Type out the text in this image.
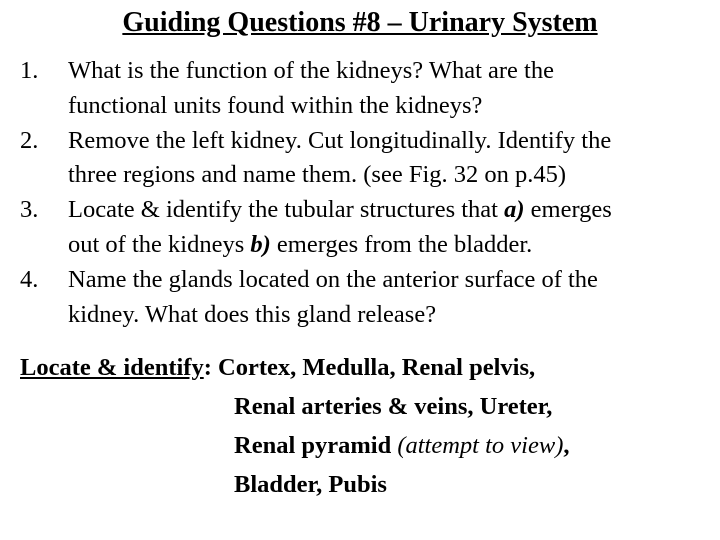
Guiding Questions #8 – Urinary System
1. What is the function of the kidneys? What are the
functional units found within the kidneys?
2. Remove the left kidney. Cut longitudinally. Identify the
three regions and name them. (see Fig. 32 on p.45)
3. Locate & identify the tubular structures that a) emerges
out of the kidneys b) emerges from the bladder.
4. Name the glands located on the anterior surface of the
kidney. What does this gland release?
Locate & identify: Cortex, Medulla, Renal pelvis,
Renal arteries & veins, Ureter,
Renal pyramid (attempt to view),
Bladder, Pubis
